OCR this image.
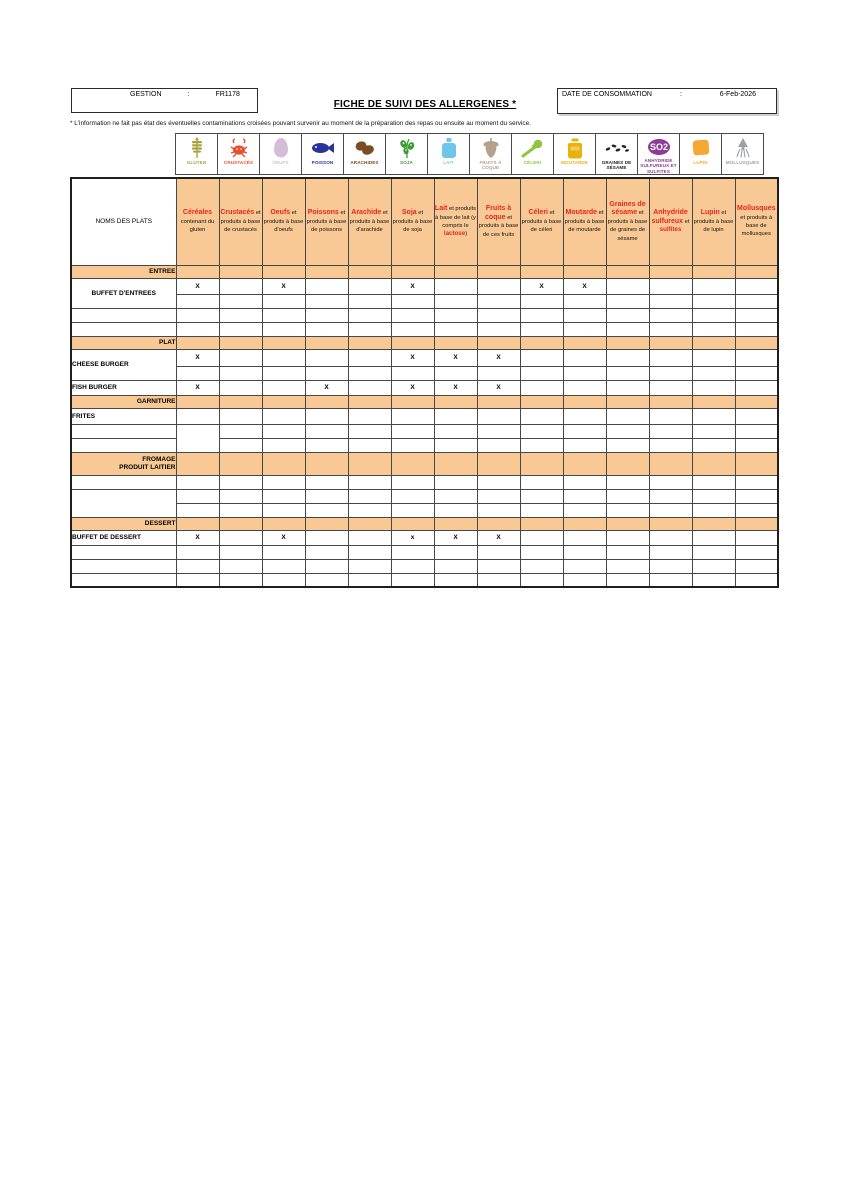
GESTION	:	FR1178
FICHE DE SUIVI DES ALLERGENES *
DATE DE CONSOMMATION	:	6-Feb-2026
* L'information ne fait pas état des éventuelles contaminations croisées pouvant survenir au moment de la préparation des repas ou ensuite au moment du service.
GLUTEN	CRUSTACÉS	OEUFS	POISSON	ARACHIDES	SOJA	LAIT	FRUITS À COQUE
CÉLERI	MOUTARDE	GRAINES DE SÉSAME
SO2
ANHYDRIDE SULFUREUX ET SULFITES
LUPIN	MOLLUSQUES
NOMS DES PLATS	Céréales contenant du gluten	Crustacés et produits à base de crustacés	Oeufs et produits à base d'oeufs	Poissons et produits à base de poissons	Arachide et produits à base d'arachide	Soja et produits à base de soja	Lait et produits à base de lait (y compris le lactose)	Fruits à coque et produits à base de ces fruits	Céleri et produits à base de céleri	Moutarde et produits à base de moutarde	Graines de sésame et produits à base de graines de sésame	Anhydride sulfureux et sulfites	Lupin et produits à base de lupin	Mollusques et produits à base de mollusques
ENTREE														
BUFFET D'ENTREES	X		X			X			X	X				

PLAT														
CHEESE BURGER	X					X	X	X						

FISH BURGER	X			X		X	X	X						
GARNITURE														
FRITES														

FROMAGE
PRODUIT LAITIER														

DESSERT														
BUFFET DE DESSERT	X		X			x	X	X						
